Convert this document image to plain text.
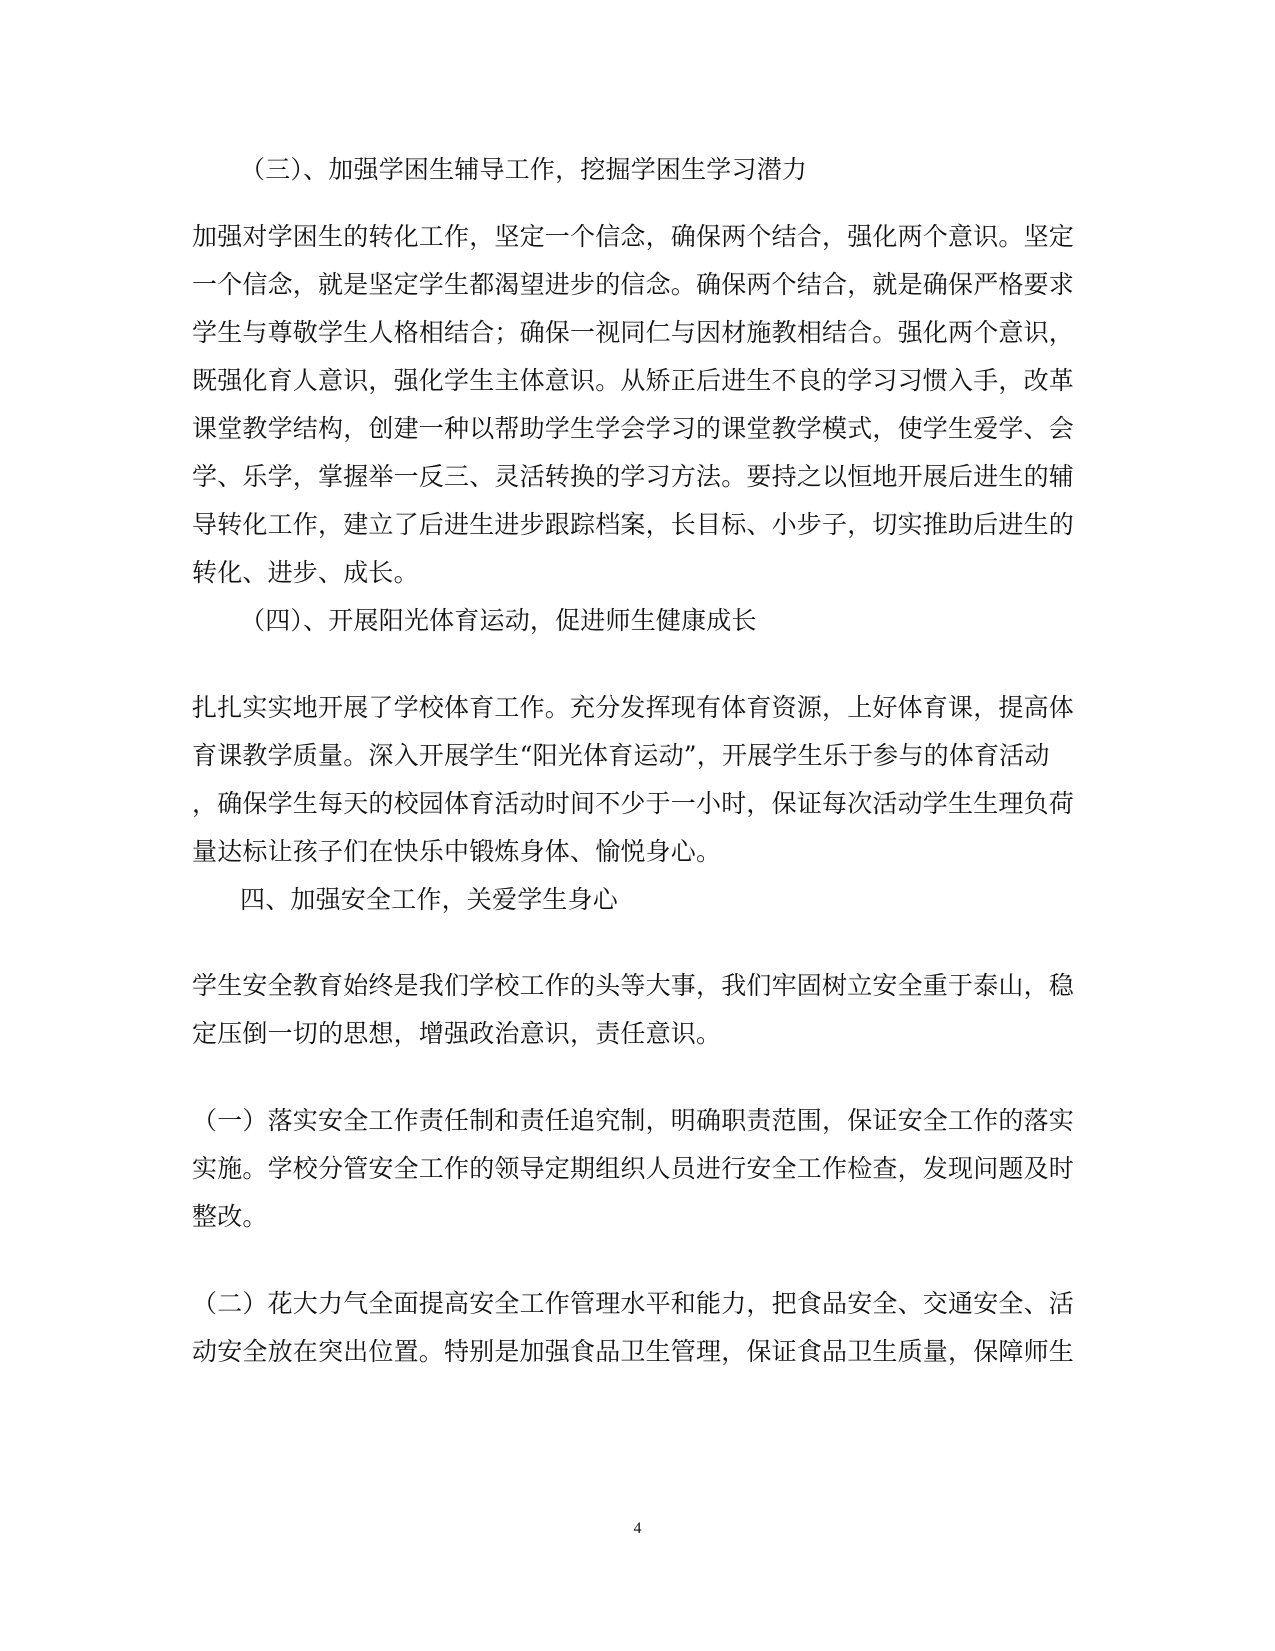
（三）、加强学困生辅导工作，挖掘学困生学习潜力
加强对学困生的转化工作，坚定一个信念，确保两个结合，强化两个意识。坚定
一个信念，就是坚定学生都渴望进步的信念。确保两个结合，就是确保严格要求
学生与尊敬学生人格相结合；确保一视同仁与因材施教相结合。强化两个意识，
既强化育人意识，强化学生主体意识。从矫正后进生不良的学习习惯入手，改革
课堂教学结构，创建一种以帮助学生学会学习的课堂教学模式，使学生爱学、会
学、乐学，掌握举一反三、灵活转换的学习方法。要持之以恒地开展后进生的辅
导转化工作，建立了后进生进步跟踪档案，长目标、小步子，切实推助后进生的
转化、进步、成长。
（四）、开展阳光体育运动，促进师生健康成长
扎扎实实地开展了学校体育工作。充分发挥现有体育资源，上好体育课，提高体
育课教学质量。深入开展学生“阳光体育运动”，开展学生乐于参与的体育活动
，确保学生每天的校园体育活动时间不少于一小时，保证每次活动学生生理负荷
量达标让孩子们在快乐中锻炼身体、愉悦身心。
四、加强安全工作，关爱学生身心
学生安全教育始终是我们学校工作的头等大事，我们牢固树立安全重于泰山，稳
定压倒一切的思想，增强政治意识，责任意识。
（一）落实安全工作责任制和责任追究制，明确职责范围，保证安全工作的落实
实施。学校分管安全工作的领导定期组织人员进行安全工作检查，发现问题及时
整改。
（二）花大力气全面提高安全工作管理水平和能力，把食品安全、交通安全、活
动安全放在突出位置。特别是加强食品卫生管理，保证食品卫生质量，保障师生
4
